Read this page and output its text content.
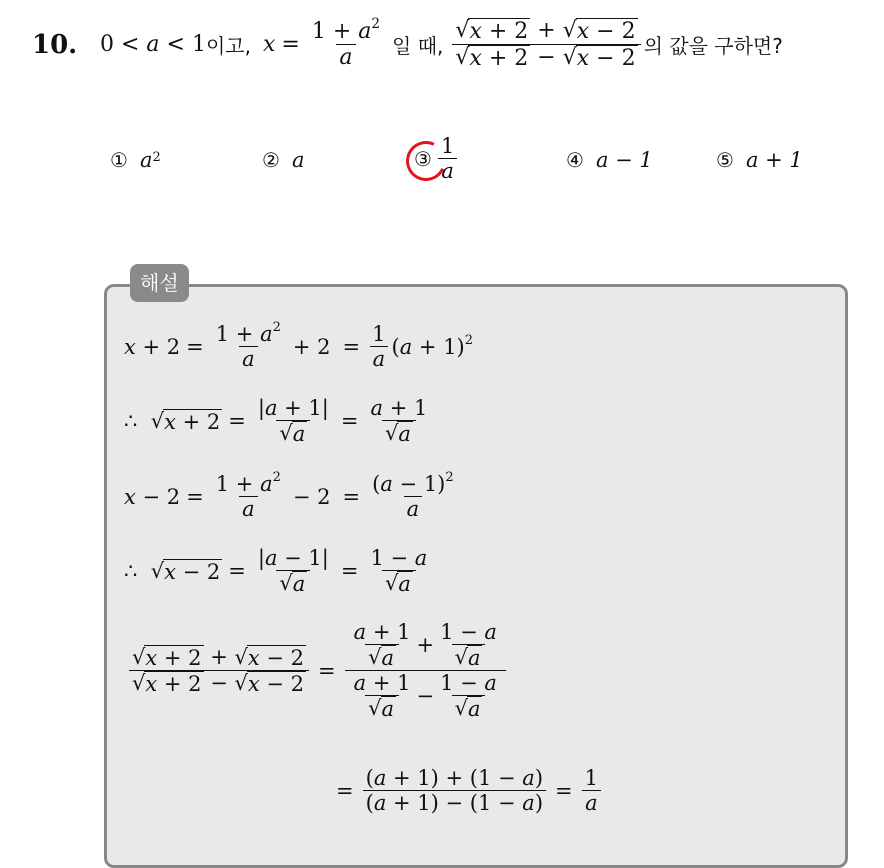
10. 0 < a < 1 이고, $x = \frac{1 + a^2}{a}$ 일 때, $\frac{√ x + 2 + √ x - 2}{√ x + 2 - √ x - 2}$ 의 값을 구하면?
① $a^2$	② a	③ $\frac{1}{a}$	④ a − 1	⑤ a + 1
해설
$x + 2 = \frac{1 + a^2}{a} + 2 = \frac{1}{a} (a + 1)^2$
∴ √ $x + 2 = \frac{|a + 1|}{√ a} = \frac{a + 1}{√ a}$
$x - 2 = \frac{1 + a^2}{a} - 2 = \frac{(a - 1)^2}{a}$
∴ √ $x - 2 = \frac{|a - 1|}{√ a} = \frac{1 - a}{√ a}$
$\frac{√ x + 2 + √ x - 2}{√ x + 2 - √ x - 2} = \frac{\frac{a + 1}{√ a} + \frac{1 - a}{√ a}}{\frac{a + 1}{√ a} - \frac{1 - a}{√ a}}$
= $\frac{(a + 1) + (1 - a)}{(a + 1) - (1 - a)} = \frac{1}{a}$
